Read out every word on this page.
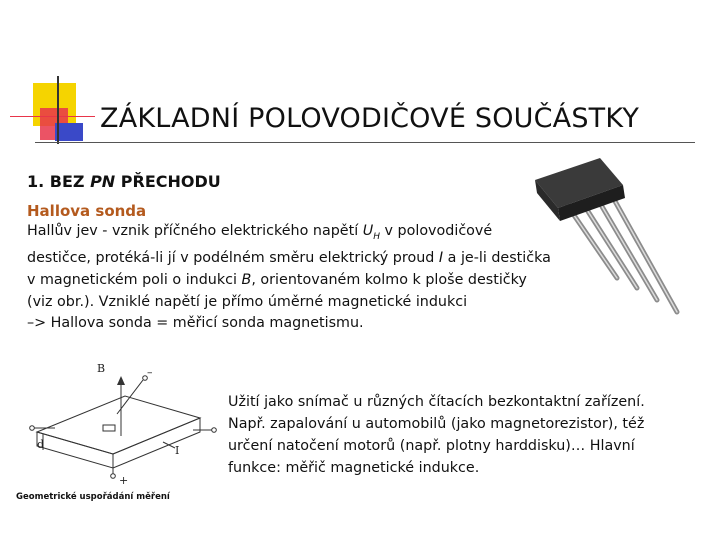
ZÁKLADNÍ POLOVODIČOVÉ SOUČÁSTKY
1. BEZ PN PŘECHODU
Hallova sonda
Hallův jev - vznik příčného elektrického napětí $U_H$ v polovodičové
destičce, protéká-li jí v podélném směru elektrický proud I a je-li destička
v magnetickém poli o indukci B, orientovaném kolmo k ploše destičky
(viz obr.). Vzniklé napětí je přímo úměrné magnetické indukci
–> Hallova sonda = měřicí sonda magnetismu.
B	–
d	I
+
Užití jako snímač u různých čítacích bezkontaktní zařízení.
Např. zapalování u automobilů (jako magnetorezistor), též
určení natočení motorů (např. plotny harddisku)… Hlavní
funkce: měřič magnetické indukce.
Geometrické uspořádání měření
